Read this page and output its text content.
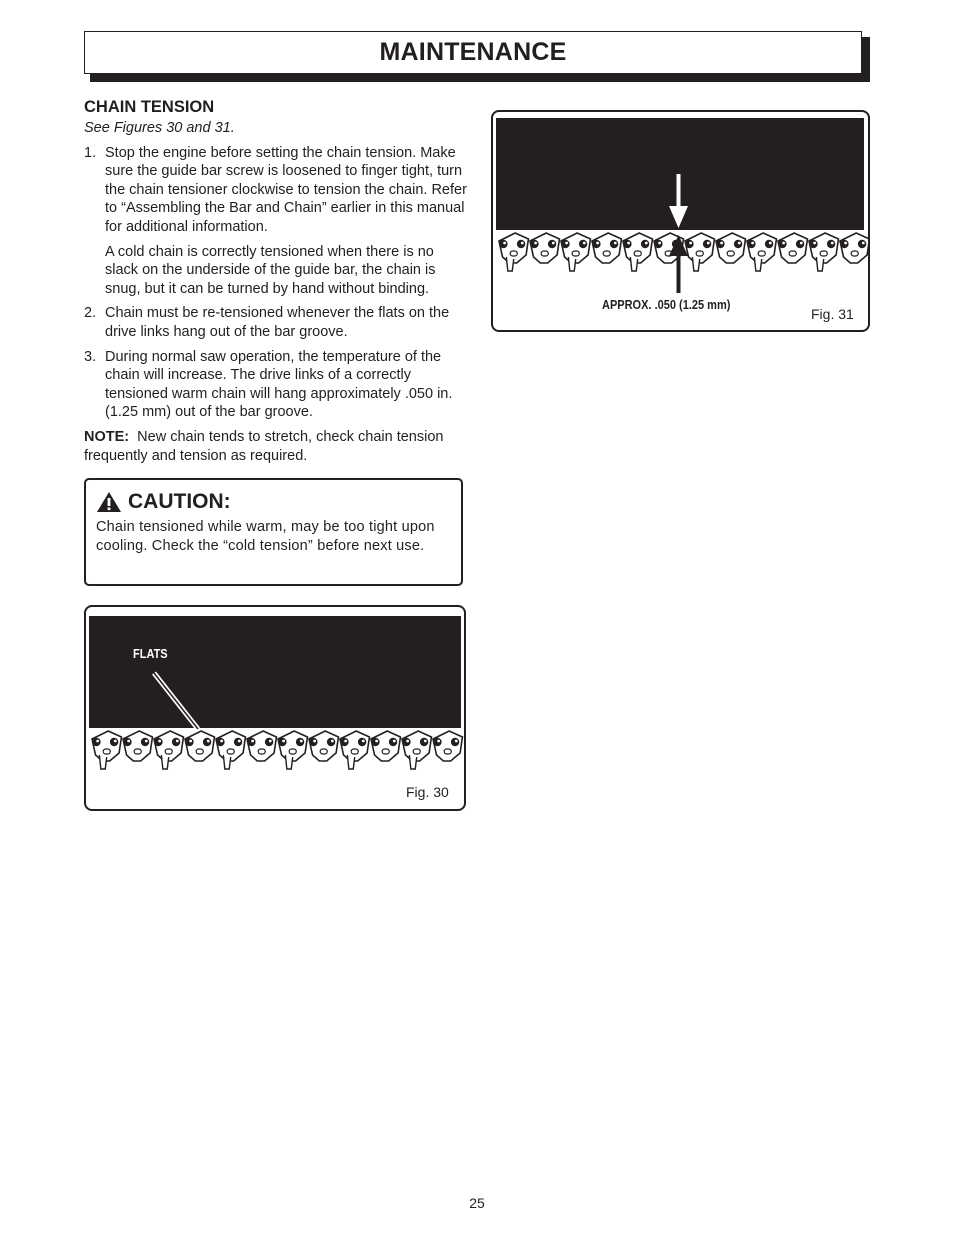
MAINTENANCE
CHAIN TENSION
See Figures 30 and 31.
1. Stop the engine before setting the chain tension. Make sure the guide bar screw is loosened to finger tight, turn the chain tensioner clockwise to tension the chain. Refer to “Assembling the Bar and Chain” earlier in this manual for additional information.

A cold chain is correctly tensioned when there is no slack on the underside of the guide bar, the chain is snug, but it can be turned by hand without binding.

2. Chain must be re-tensioned whenever the flats on the drive links hang out of the bar groove.

3. During normal saw operation, the temperature of the chain will increase. The drive links of a correctly tensioned warm chain will hang approximately .050 in. (1.25 mm) out of the bar groove.

NOTE: New chain tends to stretch, check chain tension frequently and tension as required.
CAUTION:
Chain tensioned while warm, may be too tight upon cooling. Check the “cold tension” before next use.
FLATS
Fig. 30
APPROX. .050 (1.25 mm)
Fig. 31
25
